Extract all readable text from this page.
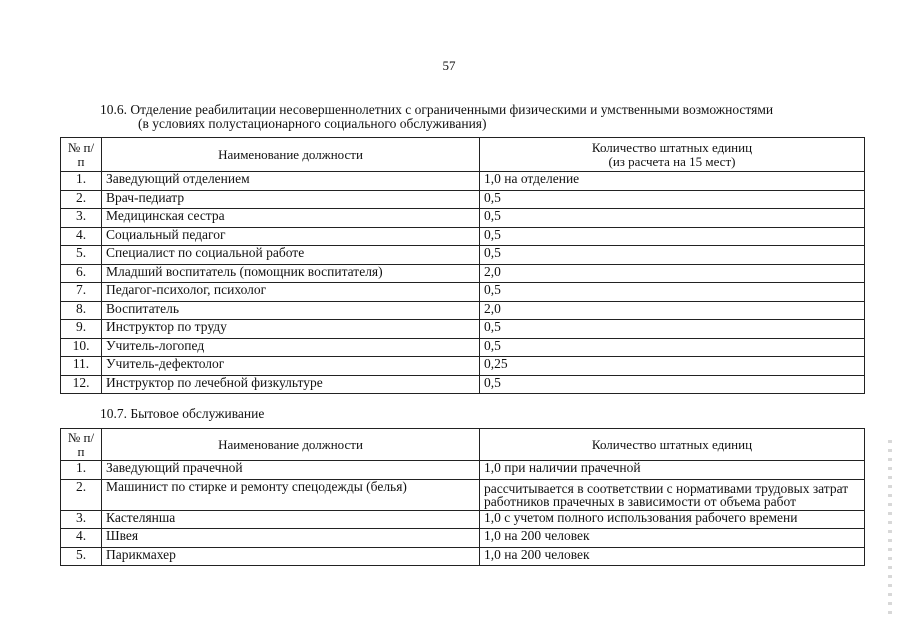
57
10.6. Отделение реабилитации несовершеннолетних с ограниченными физическими и умственными возможностями
(в условиях полустационарного социального обслуживания)
№ п/п	Наименование должности	Количество штатных единиц
(из расчета на 15 мест)
1.	Заведующий отделением	1,0 на отделение
2.	Врач-педиатр	0,5
3.	Медицинская сестра	0,5
4.	Социальный педагог	0,5
5.	Специалист по социальной работе	0,5
6.	Младший воспитатель (помощник воспитателя)	2,0
7.	Педагог-психолог, психолог	0,5
8.	Воспитатель	2,0
9.	Инструктор по труду	0,5
10.	Учитель-логопед	0,5
11.	Учитель-дефектолог	0,25
12.	Инструктор по лечебной физкультуре	0,5
10.7. Бытовое обслуживание
№ п/п	Наименование должности	Количество штатных единиц
1.	Заведующий прачечной	1,0 при наличии прачечной
2.	Машинист по стирке и ремонту спецодежды (белья)	рассчитывается в соответствии с нормативами трудовых затрат работников прачечных в зависимости от объема работ
3.	Кастелянша	1,0 с учетом полного использования рабочего времени
4.	Швея	1,0 на 200 человек
5.	Парикмахер	1,0 на 200 человек
